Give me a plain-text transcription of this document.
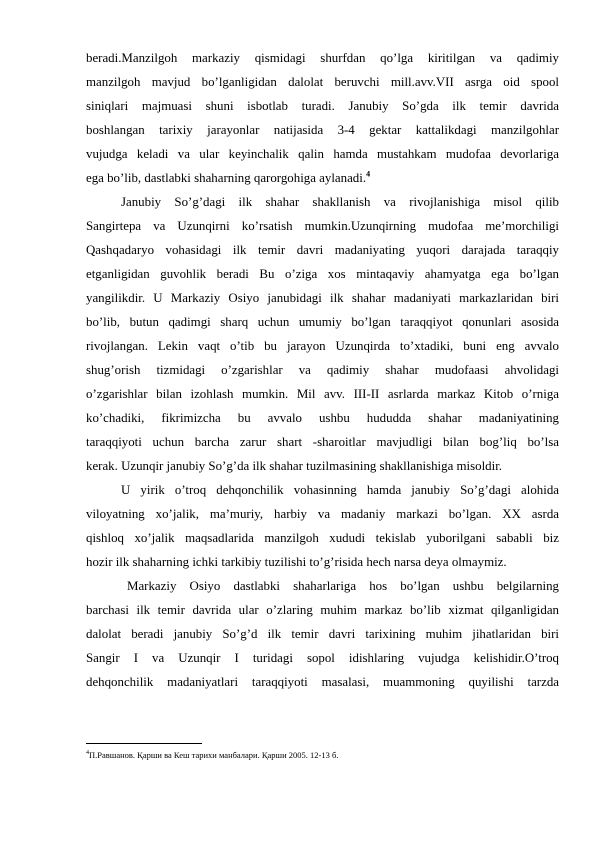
beradi.Manzilgoh markaziy qismidagi shurfdan qo’lga kiritilgan va qadimiy
manzilgoh mavjud bo’lganligidan dalolat beruvchi mill.avv.VII asrga oid spool
siniqlari majmuasi shuni isbotlab turadi. Janubiy So’gda ilk temir davrida
boshlangan tarixiy jarayonlar natijasida 3-4 gektar kattalikdagi manzilgohlar
vujudga keladi va ular keyinchalik qalin hamda mustahkam mudofaa devorlariga
ega bo’lib, dastlabki shaharning qarorgohiga aylanadi.$^4$
Janubiy So’g’dagi ilk shahar shakllanish va rivojlanishiga misol qilib
Sangirtepa va Uzunqirni ko’rsatish mumkin.Uzunqirning mudofaa me’morchiligi
Qashqadaryo vohasidagi ilk temir davri madaniyating yuqori darajada taraqqiy
etganligidan guvohlik beradi Bu o’ziga xos mintaqaviy ahamyatga ega bo’lgan
yangilikdir. U Markaziy Osiyo janubidagi ilk shahar madaniyati markazlaridan biri
bo’lib, butun qadimgi sharq uchun umumiy bo’lgan taraqqiyot qonunlari asosida
rivojlangan. Lekin vaqt o’tib bu jarayon Uzunqirda to’xtadiki, buni eng avvalo
shug’orish tizmidagi o’zgarishlar va qadimiy shahar mudofaasi ahvolidagi
o’zgarishlar bilan izohlash mumkin. Mil avv. III-II asrlarda markaz Kitob o’rniga
ko’chadiki, fikrimizcha bu avvalo ushbu hududda shahar madaniyatining
taraqqiyoti uchun barcha zarur shart -sharoitlar mavjudligi bilan bog’liq bo’lsa
kerak. Uzunqir janubiy So’g’da ilk shahar tuzilmasining shakllanishiga misoldir.
U yirik o’troq dehqonchilik vohasinning hamda janubiy So’g’dagi alohida
viloyatning xo’jalik, ma’muriy, harbiy va madaniy markazi bo’lgan. XX asrda
qishloq xo’jalik maqsadlarida manzilgoh xududi tekislab yuborilgani sababli biz
hozir ilk shaharning ichki tarkibiy tuzilishi to’g’risida hech narsa deya olmaymiz.
Markaziy Osiyo dastlabki shaharlariga hos bo’lgan ushbu belgilarning
barchasi ilk temir davrida ular o’zlaring muhim markaz bo’lib xizmat qilganligidan
dalolat beradi janubiy So’g’d ilk temir davri tarixining muhim jihatlaridan biri
Sangir I va Uzunqir I turidagi sopol idishlaring vujudga kelishidir.O’troq
dehqonchilik madaniyatlari taraqqiyoti masalasi, muammoning quyilishi tarzda
$^4$П.Равшанов. Қарши ва Кеш тарихи манбалари. Қарши 2005. 12-13 б.
